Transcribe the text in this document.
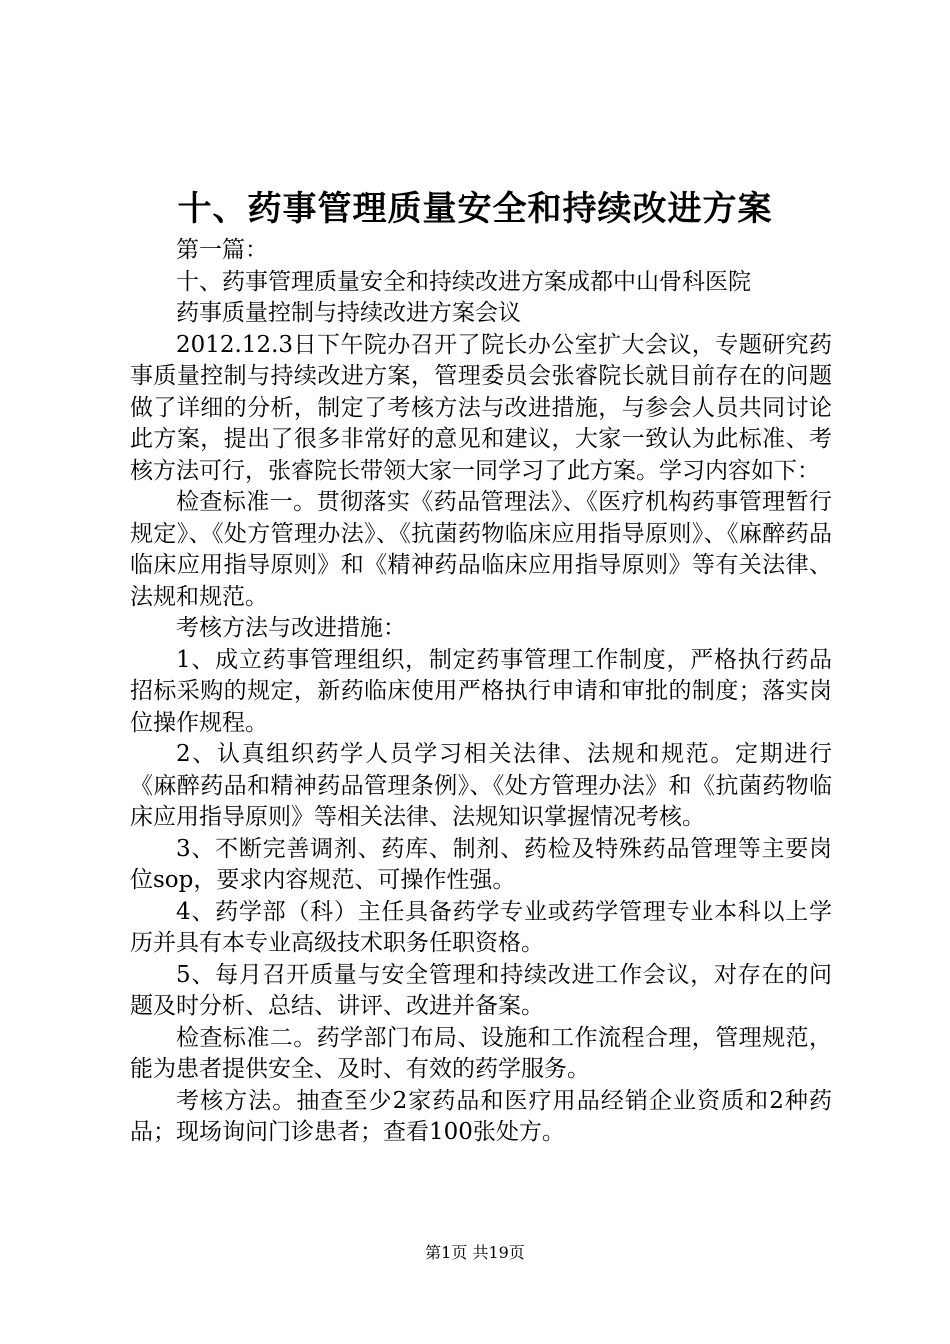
十、药事管理质量安全和持续改进方案

第一篇：

十、药事管理质量安全和持续改进方案成都中山骨科医院

药事质量控制与持续改进方案会议

2012.12.3日下午院办召开了院长办公室扩大会议，专题研究药事质量控制与持续改进方案，管理委员会张睿院长就目前存在的问题做了详细的分析，制定了考核方法与改进措施，与参会人员共同讨论此方案，提出了很多非常好的意见和建议，大家一致认为此标准、考核方法可行，张睿院长带领大家一同学习了此方案。学习内容如下：

检查标准一。贯彻落实《药品管理法》、《医疗机构药事管理暂行规定》、《处方管理办法》、《抗菌药物临床应用指导原则》、《麻醉药品临床应用指导原则》和《精神药品临床应用指导原则》等有关法律、法规和规范。

考核方法与改进措施：

1、成立药事管理组织，制定药事管理工作制度，严格执行药品招标采购的规定，新药临床使用严格执行申请和审批的制度；落实岗位操作规程。

2、认真组织药学人员学习相关法律、法规和规范。定期进行《麻醉药品和精神药品管理条例》、《处方管理办法》和《抗菌药物临床应用指导原则》等相关法律、法规知识掌握情况考核。

3、不断完善调剂、药库、制剂、药检及特殊药品管理等主要岗位sop，要求内容规范、可操作性强。

4、药学部（科）主任具备药学专业或药学管理专业本科以上学历并具有本专业高级技术职务任职资格。

5、每月召开质量与安全管理和持续改进工作会议，对存在的问题及时分析、总结、讲评、改进并备案。

检查标准二。药学部门布局、设施和工作流程合理，管理规范，能为患者提供安全、及时、有效的药学服务。

考核方法。抽查至少2家药品和医疗用品经销企业资质和2种药品；现场询问门诊患者；查看100张处方。

第1页 共19页
